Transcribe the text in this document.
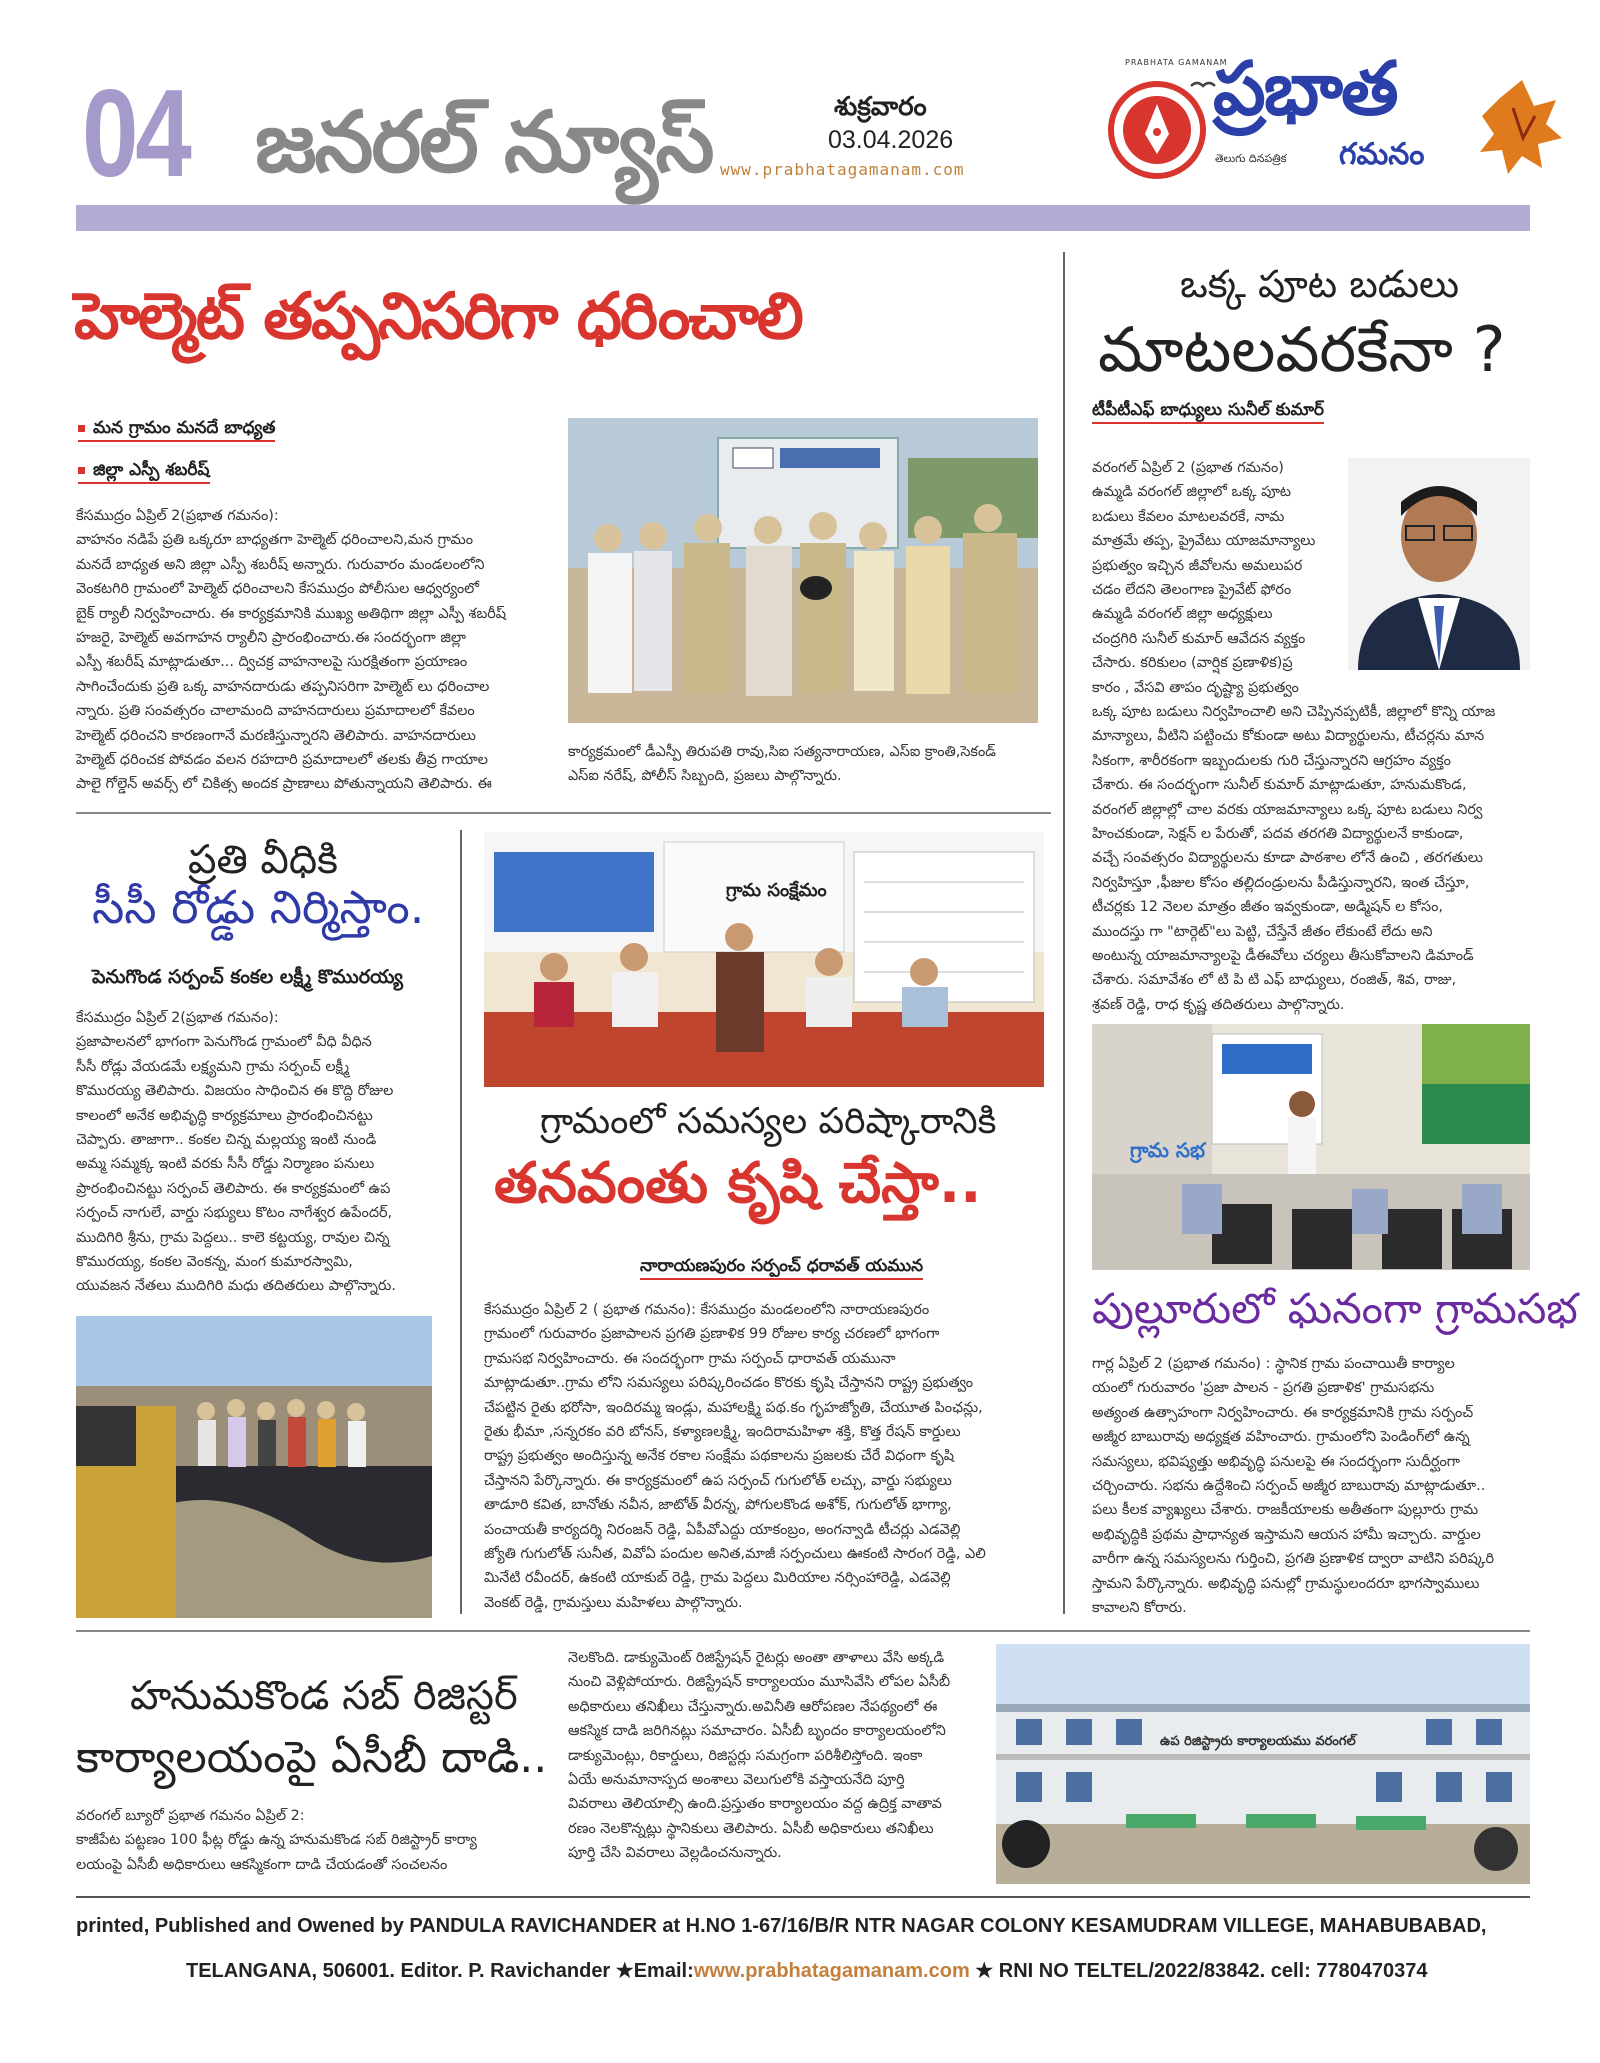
04 జనరల్ న్యూస్	శుక్రవారం
03.04.2026
www.prabhatagamanam.com
ప్రభాత
గమనం
తెలుగు దినపత్రిక
PRABHATA GAMANAM
హెల్మెట్ తప్పనిసరిగా ధరించాలి
మన గ్రామం మనదే బాధ్యత
జిల్లా ఎస్పీ శబరీష్
కేసముద్రం ఏప్రిల్ 2(ప్రభాత గమనం):
వాహనం నడిపే ప్రతి ఒక్కరూ బాధ్యతగా హెల్మెట్ ధరించాలని,మన గ్రామం
మనదే బాధ్యత అని జిల్లా ఎస్పీ శబరీష్ అన్నారు. గురువారం మండలంలోని
వెంకటగిరి గ్రామంలో హెల్మెట్ ధరించాలని కేసముద్రం పోలీసుల ఆధ్వర్యంలో
బైక్ ర్యాలీ నిర్వహించారు. ఈ కార్యక్రమానికి ముఖ్య అతిథిగా జిల్లా ఎస్పీ శబరీష్
హజరై, హెల్మెట్ అవగాహన ర్యాలీని ప్రారంభించారు.ఈ సందర్భంగా జిల్లా
ఎస్పీ శబరీష్ మాట్లాడుతూ... ద్విచక్ర వాహనాలపై సురక్షితంగా ప్రయాణం
సాగించేందుకు ప్రతి ఒక్క వాహనదారుడు తప్పనిసరిగా హెల్మెట్ లు ధరించాల
న్నారు. ప్రతి సంవత్సరం చాలామంది వాహనదారులు ప్రమాదాలలో కేవలం
హెల్మెట్ ధరించని కారణంగానే మరణిస్తున్నారని తెలిపారు. వాహనదారులు
హెల్మెట్ ధరించక పోవడం వలన రహదారి ప్రమాదాలలో తలకు తీవ్ర గాయాల
పాలై గోల్డెన్ అవర్స్ లో చికిత్స అందక ప్రాణాలు పోతున్నాయని తెలిపారు. ఈ
కార్యక్రమంలో డీఎస్పీ తిరుపతి రావు,సిఐ సత్యనారాయణ, ఎస్ఐ క్రాంతి,సెకండ్
ఎస్ఐ నరేష్, పోలీస్ సిబ్బంది, ప్రజలు పాల్గొన్నారు.
ఒక్క పూట బడులు
మాటలవరకేనా ?
టీపీటీఎఫ్ బాధ్యులు సునీల్ కుమార్
వరంగల్ ఏప్రిల్ 2 (ప్రభాత గమనం)
ఉమ్మడి వరంగల్ జిల్లాలో ఒక్క పూట
బడులు కేవలం మాటలవరకే, నామ
మాత్రమే తప్ప, ప్రైవేటు యాజమాన్యాలు
ప్రభుత్వం ఇచ్చిన జీవోలను అమలుపర
చడం లేదని తెలంగాణ ప్రైవేట్ ఫోరం
ఉమ్మడి వరంగల్ జిల్లా అధ్యక్షులు
చంద్రగిరి సునీల్ కుమార్ ఆవేదన వ్యక్తం
చేసారు. కరికులం (వార్షిక ప్రణాళిక)ప్ర
కారం , వేసవి తాపం దృష్ట్యా ప్రభుత్వం
ఒక్క పూట బడులు నిర్వహించాలి అని చెప్పినప్పటికీ, జిల్లాలో కొన్ని యాజ
మాన్యాలు, వీటిని పట్టించు కోకుండా అటు విద్యార్థులను, టీచర్లను మాన
సికంగా, శారీరకంగా ఇబ్బందులకు గురి చేస్తున్నారని ఆగ్రహం వ్యక్తం
చేశారు. ఈ సందర్భంగా సునీల్ కుమార్ మాట్లాడుతూ, హనుమకొండ,
వరంగల్ జిల్లాల్లో చాల వరకు యాజమాన్యాలు ఒక్క పూట బడులు నిర్వ
హించకుండా, సెక్షన్ ల పేరుతో, పదవ తరగతి విద్యార్థులనే కాకుండా,
వచ్చే సంవత్సరం విద్యార్థులను కూడా పాఠశాల లోనే ఉంచి , తరగతులు
నిర్వహిస్తూ ,ఫీజుల కోసం తల్లిదండ్రులను పీడిస్తున్నారని, ఇంత చేస్తూ,
టీచర్లకు 12 నెలల మాత్రం జీతం ఇవ్వకుండా, అడ్మిషన్ ల కోసం,
ముందస్తు గా "టార్గెట్"లు పెట్టి, చేస్తేనే జీతం లేకుంటే లేదు అని
అంటున్న యాజమాన్యాలపై డీఈవోలు చర్యలు తీసుకోవాలని డిమాండ్
చేశారు. సమావేశం లో టి పి టి ఎఫ్ బాధ్యులు, రంజిత్, శివ, రాజు,
శ్రవణ్ రెడ్డి, రాధ కృష్ణ తదితరులు పాల్గొన్నారు.
ప్రతి వీధికి
సీసీ రోడ్డు నిర్మిస్తాం.
పెనుగొండ సర్పంచ్ కంకల లక్ష్మీ కొమురయ్య
కేసముద్రం ఏప్రిల్ 2(ప్రభాత గమనం):
ప్రజాపాలనలో భాగంగా పెనుగొండ గ్రామంలో వీధి వీధిన
సీసీ రోడ్లు వేయడమే లక్ష్యమని గ్రామ సర్పంచ్ లక్ష్మీ
కొమురయ్య తెలిపారు. విజయం సాధించిన ఈ కొద్ది రోజుల
కాలంలో అనేక అభివృద్ధి కార్యక్రమాలు ప్రారంభించినట్టు
చెప్పారు. తాజాగా.. కంకల చిన్న మల్లయ్య ఇంటి నుండి
అమ్మ సమ్మక్క ఇంటి వరకు సీసీ రోడ్డు నిర్మాణం పనులు
ప్రారంభించినట్టు సర్పంచ్ తెలిపారు. ఈ కార్యక్రమంలో ఉప
సర్పంచ్ నాగులే, వార్డు సభ్యులు కొటం నాగేశ్వర ఉపేందర్,
ముదిగిరి శ్రీను, గ్రామ పెద్దలు.. కాలె కట్టయ్య, రావుల చిన్న
కొమురయ్య, కంకల వెంకన్న, మంగ కుమారస్వామి,
యువజన నేతలు ముదిగిరి మధు తదితరులు పాల్గొన్నారు.
గ్రామంలో సమస్యల పరిష్కారానికి
తనవంతు కృషి చేస్తా..
నారాయణపురం సర్పంచ్ ధరావత్ యమున
కేసముద్రం ఏప్రిల్ 2 ( ప్రభాత గమనం): కేసముద్రం మండలంలోని నారాయణపురం
గ్రామంలో గురువారం ప్రజాపాలన ప్రగతి ప్రణాళిక 99 రోజుల కార్య చరణలో భాగంగా
గ్రామసభ నిర్వహించారు. ఈ సందర్భంగా గ్రామ సర్పంచ్ ధారావత్ యమునా
మాట్లాడుతూ..గ్రామ లోని సమస్యలు పరిష్కరించడం కొరకు కృషి చేస్తానని రాష్ట్ర ప్రభుత్వం
చేపట్టిన రైతు భరోసా, ఇందిరమ్మ ఇండ్లు, మహాలక్ష్మి పథ.కం గృహజ్యోతి, చేయూత పింఛన్లు,
రైతు భీమా ,సన్నరకం వరి బోనస్, కళ్యాణలక్ష్మి, ఇందిరామహిళా శక్తి, కొత్త రేషన్ కార్డులు
రాష్ట్ర ప్రభుత్వం అందిస్తున్న అనేక రకాల సంక్షేమ పథకాలను ప్రజలకు చేరే విధంగా కృషి
చేస్తానని పేర్కొన్నారు. ఈ కార్యక్రమంలో ఉప సర్పంచ్ గుగులోత్ లచ్చు, వార్డు సభ్యులు
తాడూరి కవిత, బానోతు నవీన, జాటోత్ వీరన్న, పోగులకొండ అశోక్, గుగులోత్ భాగ్యా,
పంచాయతీ కార్యదర్శి నిరంజన్ రెడ్డి, ఏపీవోఎద్దు యాకంబ్రం, అంగన్వాడి టీచర్లు ఎడవెల్లి
జ్యోతి గుగులోత్ సునీత, వివోఏ పందుల అనిత,మాజీ సర్పంచులు ఊకంటి సారంగ రెడ్డి, ఎలి
మినేటి రవీందర్, ఉకంటి యాకుబ్ రెడ్డి, గ్రామ పెద్దలు మిరియాల నర్సింహారెడ్డి, ఎడవెల్లి
వెంకట్ రెడ్డి, గ్రామస్తులు మహిళలు పాల్గొన్నారు.
గ్రామ సంక్షేమం
గ్రామ సభ
పుల్లూరులో ఘనంగా గ్రామసభ
గార్ల ఏప్రిల్ 2 (ప్రభాత గమనం) : స్థానిక గ్రామ పంచాయితీ కార్యాల
యంలో గురువారం 'ప్రజా పాలన - ప్రగతి ప్రణాళిక' గ్రామసభను
అత్యంత ఉత్సాహంగా నిర్వహించారు. ఈ కార్యక్రమానికి గ్రామ సర్పంచ్
అజ్మీర బాబురావు అధ్యక్షత వహించారు. గ్రామంలోని పెండింగ్‌లో ఉన్న
సమస్యలు, భవిష్యత్తు అభివృద్ధి పనులపై ఈ సందర్భంగా సుదీర్ఘంగా
చర్చించారు. సభను ఉద్దేశించి సర్పంచ్ అజ్మీర బాబురావు మాట్లాడుతూ..
పలు కీలక వ్యాఖ్యలు చేశారు. రాజకీయాలకు అతీతంగా పుల్లూరు గ్రామ
అభివృద్ధికి ప్రథమ ప్రాధాన్యత ఇస్తామని ఆయన హామీ ఇచ్చారు. వార్డుల
వారీగా ఉన్న సమస్యలను గుర్తించి, ప్రగతి ప్రణాళిక ద్వారా వాటిని పరిష్కరి
స్తామని పేర్కొన్నారు. అభివృద్ధి పనుల్లో గ్రామస్థులందరూ భాగస్వాములు
కావాలని కోరారు.
హనుమకొండ సబ్ రిజిస్టర్
కార్యాలయంపై ఏసీబీ దాడి..
వరంగల్ బ్యూరో ప్రభాత గమనం ఏప్రిల్ 2:
కాజీపేట పట్టణం 100 ఫీట్ల రోడ్డు ఉన్న హనుమకొండ సబ్ రిజిస్ట్రార్ కార్యా
లయంపై ఏసీబీ అధికారులు ఆకస్మికంగా దాడి చేయడంతో సంచలనం
నెలకొంది. డాక్యుమెంట్ రిజిస్ట్రేషన్ రైటర్లు అంతా తాళాలు వేసి అక్కడి
నుంచి వెళ్లిపోయారు. రిజిస్ట్రేషన్ కార్యాలయం మూసివేసి లోపల ఏసీబీ
అధికారులు తనిఖీలు చేస్తున్నారు.అవినీతి ఆరోపణల నేపథ్యంలో ఈ
ఆకస్మిక దాడి జరిగినట్లు సమాచారం. ఏసీబీ బృందం కార్యాలయంలోని
డాక్యుమెంట్లు, రికార్డులు, రిజిస్టర్లు సమగ్రంగా పరిశీలిస్తోంది. ఇంకా
ఏయే అనుమానాస్పద అంశాలు వెలుగులోకి వస్తాయనేది పూర్తి
వివరాలు తెలియాల్సి ఉంది.ప్రస్తుతం కార్యాలయం వద్ద ఉద్రిక్త వాతావ
రణం నెలకొన్నట్లు స్థానికులు తెలిపారు. ఏసీబీ అధికారులు తనిఖీలు
పూర్తి చేసి వివరాలు వెల్లడించనున్నారు.
ఉప రిజిస్ట్రారు కార్యాలయము వరంగల్
printed, Published and Owened by PANDULA RAVICHANDER at H.NO 1-67/16/B/R NTR NAGAR COLONY KESAMUDRAM VILLEGE, MAHABUBABAD,
TELANGANA, 506001. Editor. P. Ravichander ★Email:www.prabhatagamanam.com ★ RNI NO TELTEL/2022/83842. cell: 7780470374
